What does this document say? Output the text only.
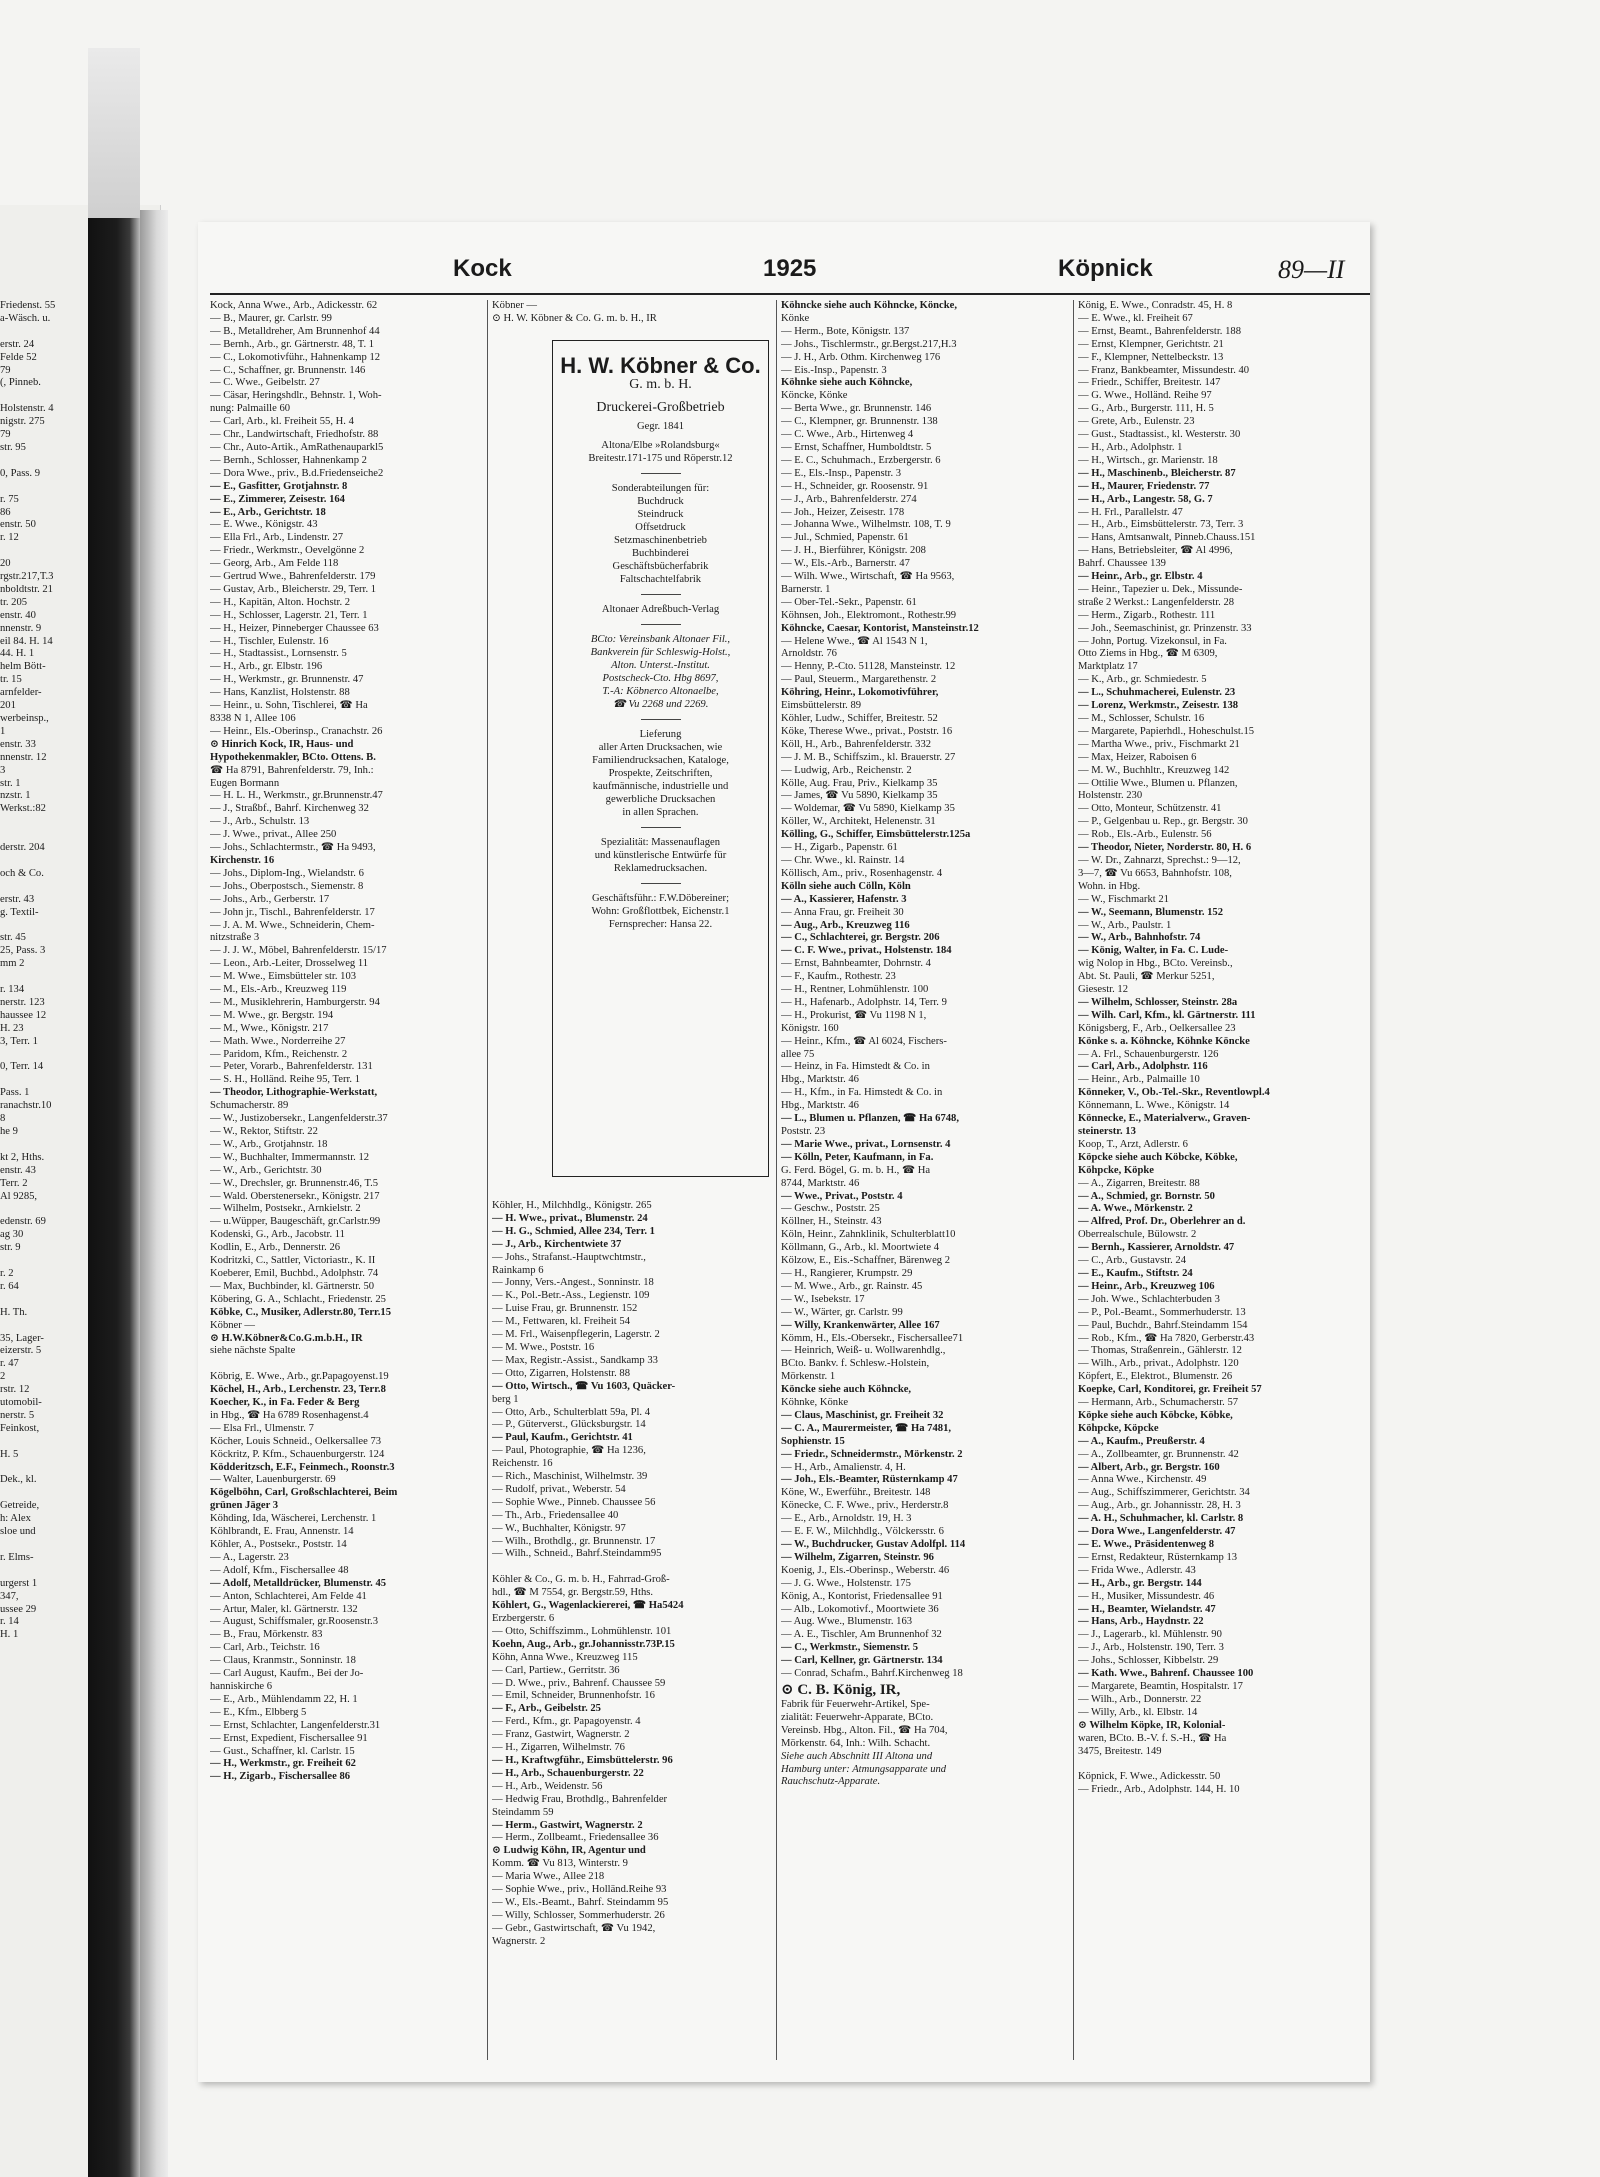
Friedenst. 55
a-Wäsch. u.

erstr. 24
Felde 52
79
(, Pinneb.

Holstenstr. 4
nigstr. 275
79
str. 95

0, Pass. 9

r. 75
86
enstr. 50
r. 12

20
rgstr.217,T.3
nboldtstr. 21
tr. 205
enstr. 40
nnenstr. 9
eil 84. H. 14
44. H. 1
helm Bött-
tr. 15
arnfelder-
201
werbeinsp.,
1
enstr. 33
nnenstr. 12
3
str. 1
nzstr. 1
Werkst.:82

derstr. 204

och & Co.

erstr. 43
g. Textil-

str. 45
25, Pass. 3
mm 2

r. 134
nerstr. 123
haussee 12
H. 23
3, Terr. 1

0, Terr. 14

Pass. 1
ranachstr.10
8
he 9

kt 2, Hths.
enstr. 43
Terr. 2
Al 9285,

edenstr. 69
ag 30
str. 9

r. 2
r. 64

H. Th.

35, Lager-
eizerstr. 5
r. 47
2
rstr. 12
utomobil-
nerstr. 5
Feinkost,

H. 5

Dek., kl.

Getreide,
h: Alex
sloe und

r. Elms-

urgerst 1
347,
ussee 29
r. 14
H. 1
Kock	1925	Köpnick	89—II
Kock, Anna Wwe., Arb., Adickesstr. 62
— B., Maurer, gr. Carlstr. 99
— B., Metalldreher, Am Brunnenhof 44
— Bernh., Arb., gr. Gärtnerstr. 48, T. 1
— C., Lokomotivführ., Hahnenkamp 12
— C., Schaffner, gr. Brunnenstr. 146
— C. Wwe., Geibelstr. 27
— Cäsar, Heringshdlr., Behnstr. 1, Woh-
nung: Palmaille 60
— Carl, Arb., kl. Freiheit 55, H. 4
— Chr., Landwirtschaft, Friedhofstr. 88
— Chr., Auto-Artik., AmRathenauparkl5
— Bernh., Schlosser, Hahnenkamp 2
— Dora Wwe., priv., B.d.Friedenseiche2
— E., Gasfitter, Grotjahnstr. 8
— E., Zimmerer, Zeisestr. 164
— E., Arb., Gerichtstr. 18
— E. Wwe., Königstr. 43
— Ella Frl., Arb., Lindenstr. 27
— Friedr., Werkmstr., Oevelgönne 2
— Georg, Arb., Am Felde 118
— Gertrud Wwe., Bahrenfelderstr. 179
— Gustav, Arb., Bleicherstr. 29, Terr. 1
— H., Kapitän, Alton. Hochstr. 2
— H., Schlosser, Lagerstr. 21, Terr. 1
— H., Heizer, Pinneberger Chaussee 63
— H., Tischler, Eulenstr. 16
— H., Stadtassist., Lornsenstr. 5
— H., Arb., gr. Elbstr. 196
— H., Werkmstr., gr. Brunnenstr. 47
— Hans, Kanzlist, Holstenstr. 88
— Heinr., u. Sohn, Tischlerei, ☎ Ha
8338 N 1, Allee 106
— Heinr., Els.-Oberinsp., Cranachstr. 26
⊙ Hinrich Kock, IR, Haus- und
Hypothekenmakler, BCto. Ottens. B.
☎ Ha 8791, Bahrenfelderstr. 79, Inh.:
Eugen Bormann
— H. L. H., Werkmstr., gr.Brunnenstr.47
— J., Straßbf., Bahrf. Kirchenweg 32
— J., Arb., Schulstr. 13
— J. Wwe., privat., Allee 250
— Johs., Schlachtermstr., ☎ Ha 9493,
Kirchenstr. 16
— Johs., Diplom-Ing., Wielandstr. 6
— Johs., Oberpostsch., Siemenstr. 8
— Johs., Arb., Gerberstr. 17
— John jr., Tischl., Bahrenfelderstr. 17
— J. A. M. Wwe., Schneiderin, Chem-
nitzstraße 3
— J. J. W., Möbel, Bahrenfelderstr. 15/17
— Leon., Arb.-Leiter, Drosselweg 11
— M. Wwe., Eimsbütteler str. 103
— M., Els.-Arb., Kreuzweg 119
— M., Musiklehrerin, Hamburgerstr. 94
— M. Wwe., gr. Bergstr. 194
— M., Wwe., Königstr. 217
— Math. Wwe., Norderreihe 27
— Paridom, Kfm., Reichenstr. 2
— Peter, Vorarb., Bahrenfelderstr. 131
— S. H., Holländ. Reihe 95, Terr. 1
— Theodor, Lithographie-Werkstatt,
Schumacherstr. 89
— W., Justizobersekr., Langenfelderstr.37
— W., Rektor, Stiftstr. 22
— W., Arb., Grotjahnstr. 18
— W., Buchhalter, Immermannstr. 12
— W., Arb., Gerichtstr. 30
— W., Drechsler, gr. Brunnenstr.46, T.5
— Wald. Oberstenersekr., Königstr. 217
— Wilhelm, Postsekr., Arnkielstr. 2
— u.Wüpper, Baugeschäft, gr.Carlstr.99
Kodenski, G., Arb., Jacobstr. 11
Kodlin, E., Arb., Dennerstr. 26
Kodritzki, C., Sattler, Victoriastr., K. II
Koeberer, Emil, Buchbd., Adolphstr. 74
— Max, Buchbinder, kl. Gärtnerstr. 50
Köbering, G. A., Schlacht., Friedenstr. 25
Köbke, C., Musiker, Adlerstr.80, Terr.15
Köbner —
⊙ H.W.Köbner&Co.G.m.b.H., IR
siehe nächste Spalte

Köbrig, E. Wwe., Arb., gr.Papagoyenst.19
Köchel, H., Arb., Lerchenstr. 23, Terr.8
Koecher, K., in Fa. Feder & Berg
in Hbg., ☎ Ha 6789 Rosenhagenst.4
— Elsa Frl., Ulmenstr. 7
Köcher, Louis Schneid., Oelkersallee 73
Köckritz, P. Kfm., Schauenburgerstr. 124
Ködderitzsch, E.F., Feinmech., Roonstr.3
— Walter, Lauenburgerstr. 69
Kögelböhn, Carl, Großschlachterei, Beim
grünen Jäger 3
Köhding, Ida, Wäscherei, Lerchenstr. 1
Köhlbrandt, E. Frau, Annenstr. 14
Köhler, A., Postsekr., Poststr. 14
— A., Lagerstr. 23
— Adolf, Kfm., Fischersallee 48
— Adolf, Metalldrücker, Blumenstr. 45
— Anton, Schlachterei, Am Felde 41
— Artur, Maler, kl. Gärtnerstr. 132
— August, Schiffsmaler, gr.Roosenstr.3
— B., Frau, Mörkenstr. 83
— Carl, Arb., Teichstr. 16
— Claus, Kranmstr., Sonninstr. 18
— Carl August, Kaufm., Bei der Jo-
hanniskirche 6
— E., Arb., Mühlendamm 22, H. 1
— E., Kfm., Elbberg 5
— Ernst, Schlachter, Langenfelderstr.31
— Ernst, Expedient, Fischersallee 91
— Gust., Schaffner, kl. Carlstr. 15
— H., Werkmstr., gr. Freiheit 62
— H., Zigarb., Fischersallee 86
Köbner —
⊙ H. W. Köbner & Co. G. m. b. H., IR
H. W. Köbner & Co.
G. m. b. H.
Druckerei-Großbetrieb
Gegr. 1841
Altona/Elbe »Rolandsburg«
Breitestr.171-175 und Röperstr.12
Sonderabteilungen für:
Buchdruck
Steindruck
Offsetdruck
Setzmaschinenbetrieb
Buchbinderei
Geschäftsbücherfabrik
Faltschachtelfabrik
Altonaer Adreßbuch-Verlag
BCto: Vereinsbank Altonaer Fil.,
Bankverein für Schleswig-Holst.,
Alton. Unterst.-Institut.
Postscheck-Cto. Hbg 8697,
T.-A: Köbnerco Altonaelbe,
☎ Vu 2268 und 2269.
Lieferung
aller Arten Drucksachen, wie
Familiendrucksachen, Kataloge,
Prospekte, Zeitschriften,
kaufmännische, industrielle und
gewerbliche Drucksachen
in allen Sprachen.
Spezialität: Massenauflagen
und künstlerische Entwürfe für
Reklamedrucksachen.
Geschäftsführ.: F.W.Döbereiner;
Wohn: Großflottbek, Eichenstr.1
Fernsprecher: Hansa 22.
Köhler, H., Milchhdlg., Königstr. 265
— H. Wwe., privat., Blumenstr. 24
— H. G., Schmied, Allee 234, Terr. 1
— J., Arb., Kirchentwiete 37
— Johs., Strafanst.-Hauptwchtmstr.,
Rainkamp 6
— Jonny, Vers.-Angest., Sonninstr. 18
— K., Pol.-Betr.-Ass., Legienstr. 109
— Luise Frau, gr. Brunnenstr. 152
— M., Fettwaren, kl. Freiheit 54
— M. Frl., Waisenpflegerin, Lagerstr. 2
— M. Wwe., Poststr. 16
— Max, Registr.-Assist., Sandkamp 33
— Otto, Zigarren, Holstenstr. 88
— Otto, Wirtsch., ☎ Vu 1603, Quäcker-
berg 1
— Otto, Arb., Schulterblatt 59a, Pl. 4
— P., Güterverst., Glücksburgstr. 14
— Paul, Kaufm., Gerichtstr. 41
— Paul, Photographie, ☎ Ha 1236,
Reichenstr. 16
— Rich., Maschinist, Wilhelmstr. 39
— Rudolf, privat., Weberstr. 54
— Sophie Wwe., Pinneb. Chaussee 56
— Th., Arb., Friedensallee 40
— W., Buchhalter, Königstr. 97
— Wilh., Brothdlg., gr. Brunnenstr. 17
— Wilh., Schneid., Bahrf.Steindamm95

Köhler & Co., G. m. b. H., Fahrrad-Groß-
hdl., ☎ M 7554, gr. Bergstr.59, Hths.
Köhlert, G., Wagenlackiererei, ☎ Ha5424
Erzbergerstr. 6
— Otto, Schiffszimm., Lohmühlenstr. 101
Koehn, Aug., Arb., gr.Johannisstr.73P.15
Köhn, Anna Wwe., Kreuzweg 115
— Carl, Partiew., Gerritstr. 36
— D. Wwe., priv., Bahrenf. Chaussee 59
— Emil, Schneider, Brunnenhofstr. 16
— F., Arb., Geibelstr. 25
— Ferd., Kfm., gr. Papagoyenstr. 4
— Franz, Gastwirt, Wagnerstr. 2
— H., Zigarren, Wilhelmstr. 76
— H., Kraftwgführ., Eimsbüttelerstr. 96
— H., Arb., Schauenburgerstr. 22
— H., Arb., Weidenstr. 56
— Hedwig Frau, Brothdlg., Bahrenfelder
Steindamm 59
— Herm., Gastwirt, Wagnerstr. 2
— Herm., Zollbeamt., Friedensallee 36
⊙ Ludwig Köhn, IR, Agentur und
Komm. ☎ Vu 813, Winterstr. 9
— Maria Wwe., Allee 218
— Sophie Wwe., priv., Holländ.Reihe 93
— W., Els.-Beamt., Bahrf. Steindamm 95
— Willy, Schlosser, Sommerhuderstr. 26
— Gebr., Gastwirtschaft, ☎ Vu 1942,
Wagnerstr. 2
Köhncke siehe auch Köhncke, Köncke,
Könke
— Herm., Bote, Königstr. 137
— Johs., Tischlermstr., gr.Bergst.217,H.3
— J. H., Arb. Othm. Kirchenweg 176
— Eis.-Insp., Papenstr. 3
Köhnke siehe auch Köhncke,
Köncke, Könke
— Berta Wwe., gr. Brunnenstr. 146
— C., Klempner, gr. Brunnenstr. 138
— C. Wwe., Arb., Hirtenweg 4
— Ernst, Schaffner, Humboldtstr. 5
— E. C., Schuhmach., Erzbergerstr. 6
— E., Els.-Insp., Papenstr. 3
— H., Schneider, gr. Roosenstr. 91
— J., Arb., Bahrenfelderstr. 274
— Joh., Heizer, Zeisestr. 178
— Johanna Wwe., Wilhelmstr. 108, T. 9
— Jul., Schmied, Papenstr. 61
— J. H., Bierführer, Königstr. 208
— W., Els.-Arb., Barnerstr. 47
— Wilh. Wwe., Wirtschaft, ☎ Ha 9563,
Barnerstr. 1
— Ober-Tel.-Sekr., Papenstr. 61
Köhnsen, Joh., Elektromont., Rothestr.99
Köhncke, Caesar, Kontorist, Mansteinstr.12
— Helene Wwe., ☎ Al 1543 N 1,
Arnoldstr. 76
— Henny, P.-Cto. 51128, Mansteinstr. 12
— Paul, Steuerm., Margarethenstr. 2
Köhring, Heinr., Lokomotivführer,
Eimsbüttelerstr. 89
Köhler, Ludw., Schiffer, Breitestr. 52
Köke, Therese Wwe., privat., Poststr. 16
Köll, H., Arb., Bahrenfelderstr. 332
— J. M. B., Schiffszim., kl. Brauerstr. 27
— Ludwig, Arb., Reichenstr. 2
Kölle, Aug. Frau, Priv., Kielkamp 35
— James, ☎ Vu 5890, Kielkamp 35
— Woldemar, ☎ Vu 5890, Kielkamp 35
Köller, W., Architekt, Helenenstr. 31
Kölling, G., Schiffer, Eimsbüttelerstr.125a
— H., Zigarb., Papenstr. 61
— Chr. Wwe., kl. Rainstr. 14
Köllisch, Am., priv., Rosenhagenstr. 4
Kölln siehe auch Cölln, Köln
— A., Kassierer, Hafenstr. 3
— Anna Frau, gr. Freiheit 30
— Aug., Arb., Kreuzweg 116
— C., Schlachterei, gr. Bergstr. 206
— C. F. Wwe., privat., Holstenstr. 184
— Ernst, Bahnbeamter, Dohrnstr. 4
— F., Kaufm., Rothestr. 23
— H., Rentner, Lohmühlenstr. 100
— H., Hafenarb., Adolphstr. 14, Terr. 9
— H., Prokurist, ☎ Vu 1198 N 1,
Königstr. 160
— Heinr., Kfm., ☎ Al 6024, Fischers-
allee 75
— Heinz, in Fa. Himstedt & Co. in
Hbg., Marktstr. 46
— H., Kfm., in Fa. Himstedt & Co. in
Hbg., Marktstr. 46
— L., Blumen u. Pflanzen, ☎ Ha 6748,
Poststr. 23
— Marie Wwe., privat., Lornsenstr. 4
— Kölln, Peter, Kaufmann, in Fa.
G. Ferd. Bögel, G. m. b. H., ☎ Ha
8744, Marktstr. 46
— Wwe., Privat., Poststr. 4
— Geschw., Poststr. 25
Köllner, H., Steinstr. 43
Köln, Heinr., Zahnklinik, Schulterblatt10
Köllmann, G., Arb., kl. Moortwiete 4
Kölzow, E., Eis.-Schaffner, Bärenweg 2
— H., Rangierer, Krumpstr. 29
— M. Wwe., Arb., gr. Rainstr. 45
— W., Isebekstr. 17
— W., Wärter, gr. Carlstr. 99
— Willy, Krankenwärter, Allee 167
Kömm, H., Els.-Obersekr., Fischersallee71
— Heinrich, Weiß- u. Wollwarenhdlg.,
BCto. Bankv. f. Schlesw.-Holstein,
Mörkenstr. 1
Köncke siehe auch Köhncke,
Köhnke, Könke
— Claus, Maschinist, gr. Freiheit 32
— C. A., Maurermeister, ☎ Ha 7481,
Sophienstr. 15
— Friedr., Schneidermstr., Mörkenstr. 2
— H., Arb., Amalienstr. 4, H.
— Joh., Els.-Beamter, Rüsternkamp 47
Köne, W., Ewerführ., Breitestr. 148
Könecke, C. F. Wwe., priv., Herderstr.8
— E., Arb., Arnoldstr. 19, H. 3
— E. F. W., Milchhdlg., Völckersstr. 6
— W., Buchdrucker, Gustav Adolfpl. 114
— Wilhelm, Zigarren, Steinstr. 96
Koenig, J., Els.-Oberinsp., Weberstr. 46
— J. G. Wwe., Holstenstr. 175
König, A., Kontorist, Friedensallee 91
— Alb., Lokomotivf., Moortwiete 36
— Aug. Wwe., Blumenstr. 163
— A. E., Tischler, Am Brunnenhof 32
— C., Werkmstr., Siemenstr. 5
— Carl, Kellner, gr. Gärtnerstr. 134
— Conrad, Schafm., Bahrf.Kirchenweg 18
⊙ C. B. König, IR,
Fabrik für Feuerwehr-Artikel, Spe-
zialität: Feuerwehr-Apparate, BCto.
Vereinsb. Hbg., Alton. Fil., ☎ Ha 704,
Mörkenstr. 64, Inh.: Wilh. Schacht.
Siehe auch Abschnitt III Altona und
Hamburg unter: Atmungsapparate und
Rauchschutz-Apparate.
König, E. Wwe., Conradstr. 45, H. 8
— E. Wwe., kl. Freiheit 67
— Ernst, Beamt., Bahrenfelderstr. 188
— Ernst, Klempner, Gerichtstr. 21
— F., Klempner, Nettelbeckstr. 13
— Franz, Bankbeamter, Missundestr. 40
— Friedr., Schiffer, Breitestr. 147
— G. Wwe., Holländ. Reihe 97
— G., Arb., Burgerstr. 111, H. 5
— Grete, Arb., Eulenstr. 23
— Gust., Stadtassist., kl. Westerstr. 30
— H., Arb., Adolphstr. 1
— H., Wirtsch., gr. Marienstr. 18
— H., Maschinenb., Bleicherstr. 87
— H., Maurer, Friedenstr. 77
— H., Arb., Langestr. 58, G. 7
— H. Frl., Parallelstr. 47
— H., Arb., Eimsbüttelerstr. 73, Terr. 3
— Hans, Amtsanwalt, Pinneb.Chauss.151
— Hans, Betriebsleiter, ☎ Al 4996,
Bahrf. Chaussee 139
— Heinr., Arb., gr. Elbstr. 4
— Heinr., Tapezier u. Dek., Missunde-
straße 2 Werkst.: Langenfelderstr. 28
— Herm., Zigarb., Rothestr. 111
— Joh., Seemaschinist, gr. Prinzenstr. 33
— John, Portug. Vizekonsul, in Fa.
Otto Ziems in Hbg., ☎ M 6309,
Marktplatz 17
— K., Arb., gr. Schmiedestr. 5
— L., Schuhmacherei, Eulenstr. 23
— Lorenz, Werkmstr., Zeisestr. 138
— M., Schlosser, Schulstr. 16
— Margarete, Papierhdl., Hoheschulst.15
— Martha Wwe., priv., Fischmarkt 21
— Max, Heizer, Raboisen 6
— M. W., Buchhltr., Kreuzweg 142
— Ottilie Wwe., Blumen u. Pflanzen,
Holstenstr. 230
— Otto, Monteur, Schützenstr. 41
— P., Gelgenbau u. Rep., gr. Bergstr. 30
— Rob., Els.-Arb., Eulenstr. 56
— Theodor, Nieter, Norderstr. 80, H. 6
— W. Dr., Zahnarzt, Sprechst.: 9—12,
3—7, ☎ Vu 6653, Bahnhofstr. 108,
Wohn. in Hbg.
— W., Fischmarkt 21
— W., Seemann, Blumenstr. 152
— W., Arb., Paulstr. 1
— W., Arb., Bahnhofstr. 74
— König, Walter, in Fa. C. Lude-
wig Nolop in Hbg., BCto. Vereinsb.,
Abt. St. Pauli, ☎ Merkur 5251,
Giesestr. 12
— Wilhelm, Schlosser, Steinstr. 28a
— Wilh. Carl, Kfm., kl. Gärtnerstr. 111
Königsberg, F., Arb., Oelkersallee 23
Könke s. a. Köhncke, Köhnke Köncke
— A. Frl., Schauenburgerstr. 126
— Carl, Arb., Adolphstr. 116
— Heinr., Arb., Palmaille 10
Könneker, V., Ob.-Tel.-Skr., Reventlowpl.4
Könnemann, L. Wwe., Königstr. 14
Könnecke, E., Materialverw., Graven-
steinerstr. 13
Koop, T., Arzt, Adlerstr. 6
Köpcke siehe auch Köbcke, Köbke,
Köhpcke, Köpke
— A., Zigarren, Breitestr. 88
— A., Schmied, gr. Bornstr. 50
— A. Wwe., Mörkenstr. 2
— Alfred, Prof. Dr., Oberlehrer an d.
Oberrealschule, Bülowstr. 2
— Bernh., Kassierer, Arnoldstr. 47
— C., Arb., Gustavstr. 24
— E., Kaufm., Stiftstr. 24
— Heinr., Arb., Kreuzweg 106
— Joh. Wwe., Schlachterbuden 3
— P., Pol.-Beamt., Sommerhuderstr. 13
— Paul, Buchdr., Bahrf.Steindamm 154
— Rob., Kfm., ☎ Ha 7820, Gerberstr.43
— Thomas, Straßenrein., Gählerstr. 12
— Wilh., Arb., privat., Adolphstr. 120
Köpfert, E., Elektrot., Blumenstr. 26
Koepke, Carl, Konditorei, gr. Freiheit 57
— Hermann, Arb., Schumacherstr. 57
Köpke siehe auch Köbcke, Köbke,
Köhpcke, Köpcke
— A., Kaufm., Preußerstr. 4
— A., Zollbeamter, gr. Brunnenstr. 42
— Albert, Arb., gr. Bergstr. 160
— Anna Wwe., Kirchenstr. 49
— Aug., Schiffszimmerer, Gerichtstr. 34
— Aug., Arb., gr. Johannisstr. 28, H. 3
— A. H., Schuhmacher, kl. Carlstr. 8
— Dora Wwe., Langenfelderstr. 47
— E. Wwe., Präsidentenweg 8
— Ernst, Redakteur, Rüsternkamp 13
— Frida Wwe., Adlerstr. 43
— H., Arb., gr. Bergstr. 144
— H., Musiker, Missundestr. 46
— H., Beamter, Wielandstr. 47
— Hans, Arb., Haydnstr. 22
— J., Lagerarb., kl. Mühlenstr. 90
— J., Arb., Holstenstr. 190, Terr. 3
— Johs., Schlosser, Kibbelstr. 29
— Kath. Wwe., Bahrenf. Chaussee 100
— Margarete, Beamtin, Hospitalstr. 17
— Wilh., Arb., Donnerstr. 22
— Willy, Arb., kl. Elbstr. 14
⊙ Wilhelm Köpke, IR, Kolonial-
waren, BCto. B.-V. f. S.-H., ☎ Ha
3475, Breitestr. 149

Köpnick, F. Wwe., Adickesstr. 50
— Friedr., Arb., Adolphstr. 144, H. 10
